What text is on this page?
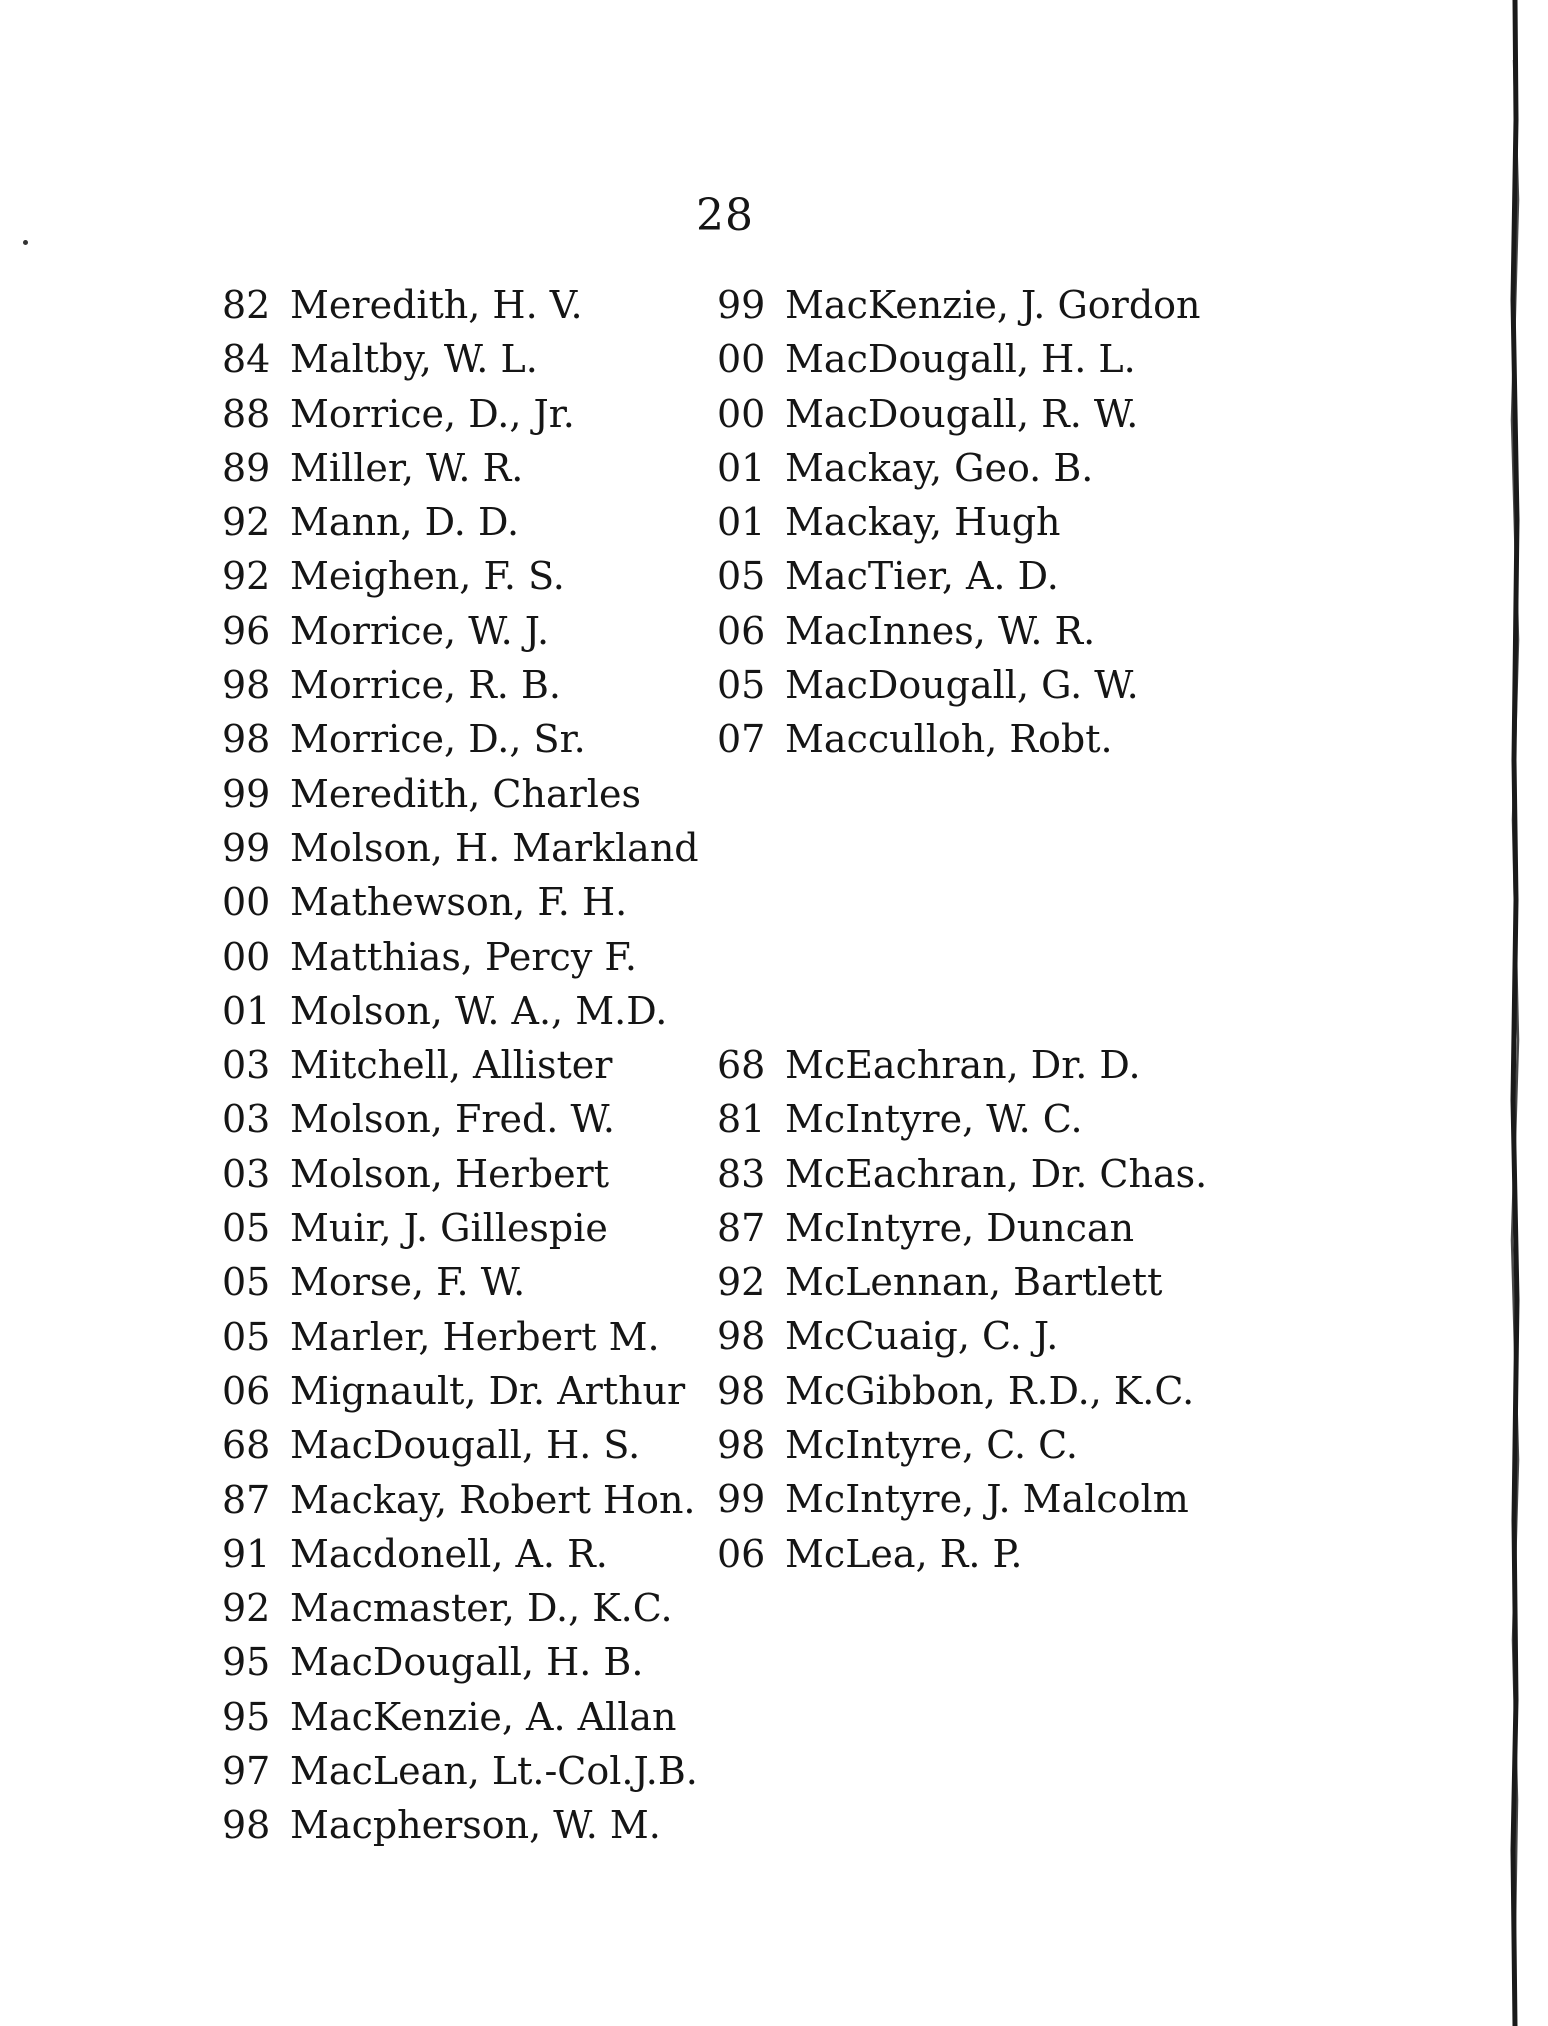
28
82 Meredith, H. V.
84 Maltby, W. L.
88 Morrice, D., Jr.
89 Miller, W. R.
92 Mann, D. D.
92 Meighen, F. S.
96 Morrice, W. J.
98 Morrice, R. B.
98 Morrice, D., Sr.
99 Meredith, Charles
99 Molson, H. Markland
00 Mathewson, F. H.
00 Matthias, Percy F.
01 Molson, W. A., M.D.
03 Mitchell, Allister
03 Molson, Fred. W.
03 Molson, Herbert
05 Muir, J. Gillespie
05 Morse, F. W.
05 Marler, Herbert M.
06 Mignault, Dr. Arthur
68 MacDougall, H. S.
87 Mackay, Robert Hon.
91 Macdonell, A. R.
92 Macmaster, D., K.C.
95 MacDougall, H. B.
95 MacKenzie, A. Allan
97 MacLean, Lt.-Col.J.B.
98 Macpherson, W. M.
99 MacKenzie, J. Gordon
00 MacDougall, H. L.
00 MacDougall, R. W.
01 Mackay, Geo. B.
01 Mackay, Hugh
05 MacTier, A. D.
06 MacInnes, W. R.
05 MacDougall, G. W.
07 Macculloh, Robt.
68 McEachran, Dr. D.
81 McIntyre, W. C.
83 McEachran, Dr. Chas.
87 McIntyre, Duncan
92 McLennan, Bartlett
98 McCuaig, C. J.
98 McGibbon, R.D., K.C.
98 McIntyre, C. C.
99 McIntyre, J. Malcolm
06 McLea, R. P.
